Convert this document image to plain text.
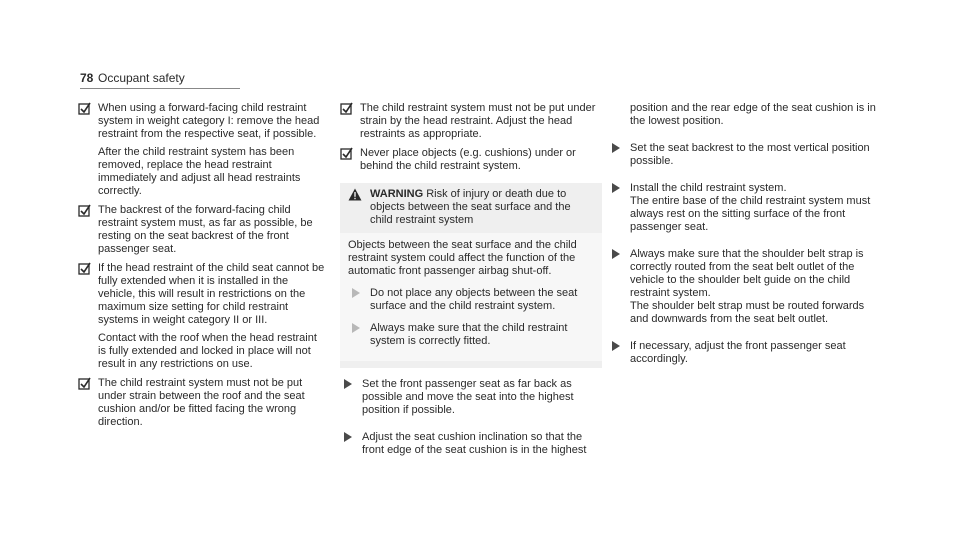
78 Occupant safety

When using a forward-facing child restraint system in weight category I: remove the head restraint from the respective seat, if possible.

After the child restraint system has been removed, replace the head restraint immediately and adjust all head restraints correctly.

The backrest of the forward-facing child restraint system must, as far as possible, be resting on the seat backrest of the front passenger seat.

If the head restraint of the child seat cannot be fully extended when it is installed in the vehicle, this will result in restrictions on the maximum size setting for child restraint systems in weight category II or III.

Contact with the roof when the head restraint is fully extended and locked in place will not result in any restrictions on use.

The child restraint system must not be put under strain between the roof and the seat cushion and/or be fitted facing the wrong direction.

The child restraint system must not be put under strain by the head restraint. Adjust the head restraints as appropriate.

Never place objects (e.g. cushions) under or behind the child restraint system.

WARNING Risk of injury or death due to objects between the seat surface and the child restraint system

Objects between the seat surface and the child restraint system could affect the function of the automatic front passenger airbag shut-off.

Do not place any objects between the seat surface and the child restraint system.
Always make sure that the child restraint system is correctly fitted.

Set the front passenger seat as far back as possible and move the seat into the highest position if possible.

Adjust the seat cushion inclination so that the front edge of the seat cushion is in the highest

position and the rear edge of the seat cushion is in the lowest position.

Set the seat backrest to the most vertical position possible.

Install the child restraint system.

The entire base of the child restraint system must always rest on the sitting surface of the front passenger seat.

Always make sure that the shoulder belt strap is correctly routed from the seat belt outlet of the vehicle to the shoulder belt guide on the child restraint system.

The shoulder belt strap must be routed forwards and downwards from the seat belt outlet.

If necessary, adjust the front passenger seat accordingly.
